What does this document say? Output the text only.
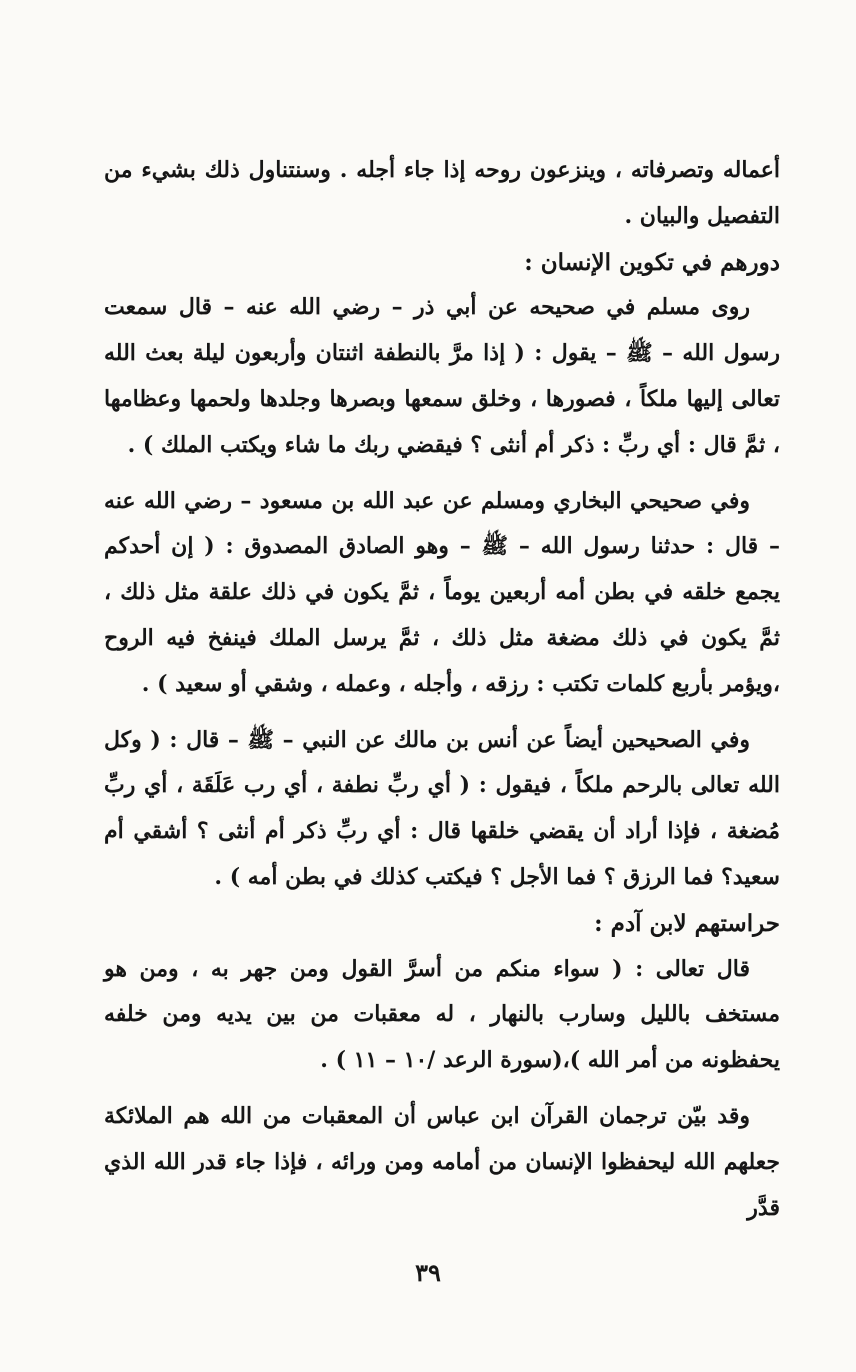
أعماله وتصرفاته ، وينزعون روحه إذا جاء أجله . وسنتناول ذلك بشيء من التفصيل والبيان .

دورهم في تكوين الإنسان :

روى مسلم في صحيحه عن أبي ذر – رضي الله عنه – قال سمعت رسول الله – ﷺ – يقول : ( إذا مرَّ بالنطفة اثنتان وأربعون ليلة بعث الله تعالى إليها ملكاً ، فصورها ، وخلق سمعها وبصرها وجلدها ولحمها وعظامها ، ثمَّ قال : أي ربِّ : ذكر أم أنثى ؟ فيقضي ربك ما شاء ويكتب الملك ) .

وفي صحيحي البخاري ومسلم عن عبد الله بن مسعود – رضي الله عنه – قال : حدثنا رسول الله – ﷺ – وهو الصادق المصدوق : ( إن أحدكم يجمع خلقه في بطن أمه أربعين يوماً ، ثمَّ يكون في ذلك علقة مثل ذلك ، ثمَّ يكون في ذلك مضغة مثل ذلك ، ثمَّ يرسل الملك فينفخ فيه الروح ،ويؤمر بأربع كلمات تكتب : رزقه ، وأجله ، وعمله ، وشقي أو سعيد ) .

وفي الصحيحين أيضاً عن أنس بن مالك عن النبي – ﷺ – قال : ( وكل الله تعالى بالرحم ملكاً ، فيقول : ( أي ربِّ نطفة ، أي رب عَلَقَة ، أي ربِّ مُضغة ، فإذا أراد أن يقضي خلقها قال : أي ربِّ ذكر أم أنثى ؟ أشقي أم سعيد؟ فما الرزق ؟ فما الأجل ؟ فيكتب كذلك في بطن أمه ) .

حراستهم لابن آدم :

قال تعالى : ( سواء منكم من أسرَّ القول ومن جهر به ، ومن هو مستخف بالليل وسارب بالنهار ، له معقبات من بين يديه ومن خلفه يحفظونه من أمر الله )،(سورة الرعد /١٠ – ١١ ) .

وقد بيّن ترجمان القرآن ابن عباس أن المعقبات من الله هم الملائكة جعلهم الله ليحفظوا الإنسان من أمامه ومن ورائه ، فإذا جاء قدر الله الذي قدَّر

٣٩
